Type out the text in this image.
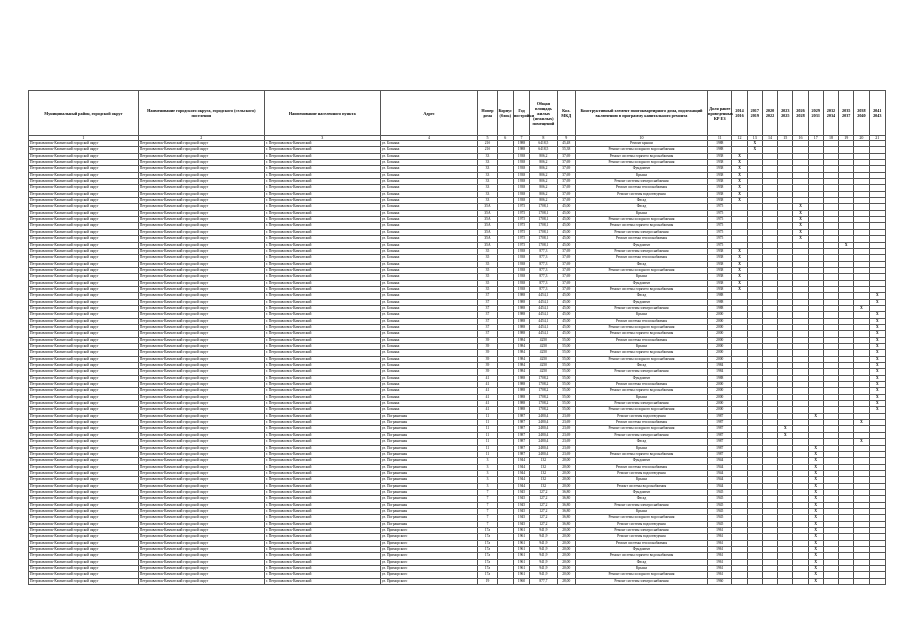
Муниципальный район, городской округ	Наименование городского округа, городского (сельского) поселения	Наименование населенного пункта	Адрес	Номер дома	Корпус (блок)	Год постройки	Общая площадь жилых (нежилых) помещений	Кол. МКД	Конструктивный элемент многоквартирного дома, подлежащий включению в программу капитального ремонта	Доля ранее проведенных КР ЕЗ	2014 2016	2017 2019	2020 2022	2023 2025	2026 2028	2029 2031	2032 2034	2035 2037	2038 2040	2041 2043
1	2	3	4	5	6	7	8	9	10	11	12	13	14	15	16	17	18	19	20	21
Петропавловск-Камчатский городской округ	Петропавловск-Камчатский городской округ	г. Петропавловск-Камчатский	ул. Бохняка	21б		1988	6418,5	45,48	Ремонт крыши	1988		X								
Петропавловск-Камчатский городской округ	Петропавловск-Камчатский городской округ	г. Петропавловск-Камчатский	ул. Бохняка	21б		1988	6418,5	55,38	Ремонт системы холодного водоснабжения	1988		X								
Петропавловск-Камчатский городской округ	Петропавловск-Камчатский городской округ	г. Петропавловск-Камчатский	ул. Бохняка	33		1938	806,2	37,69	Ремонт системы горячего водоснабжения	1938	X									
Петропавловск-Камчатский городской округ	Петропавловск-Камчатский городской округ	г. Петропавловск-Камчатский	ул. Бохняка	33		1938	806,2	37,69	Ремонт системы холодного водоснабжения	1938	X									
Петропавловск-Камчатский городской округ	Петропавловск-Камчатский городской округ	г. Петропавловск-Камчатский	ул. Бохняка	33		1938	806,2	37,69	Фундамент	1938	X									
Петропавловск-Камчатский городской округ	Петропавловск-Камчатский городской округ	г. Петропавловск-Камчатский	ул. Бохняка	33		1938	806,2	37,69	Крыша	1938	X									
Петропавловск-Камчатский городской округ	Петропавловск-Камчатский городской округ	г. Петропавловск-Камчатский	ул. Бохняка	33		1938	806,2	37,69	Ремонт системы электроснабжения	1938	X									
Петропавловск-Камчатский городской округ	Петропавловск-Камчатский городской округ	г. Петропавловск-Камчатский	ул. Бохняка	33		1938	806,2	37,69	Ремонт системы теплоснабжения	1938	X									
Петропавловск-Камчатский городской округ	Петропавловск-Камчатский городской округ	г. Петропавловск-Камчатский	ул. Бохняка	33		1938	806,2	37,69	Ремонт системы водоотведения	1938	X									
Петропавловск-Камчатский городской округ	Петропавловск-Камчатский городской округ	г. Петропавловск-Камчатский	ул. Бохняка	33		1938	806,2	37,69	Фасад	1938	X									
Петропавловск-Камчатский городской округ	Петропавловск-Камчатский городской округ	г. Петропавловск-Камчатский	ул. Бохняка	35А		1975	1708,1	45,00	Фасад	1975					X					
Петропавловск-Камчатский городской округ	Петропавловск-Камчатский городской округ	г. Петропавловск-Камчатский	ул. Бохняка	35А		1975	1708,1	45,00	Крыша	1975					X					
Петропавловск-Камчатский городской округ	Петропавловск-Камчатский городской округ	г. Петропавловск-Камчатский	ул. Бохняка	35А		1975	1708,1	45,00	Ремонт системы холодного водоснабжения	1975					X					
Петропавловск-Камчатский городской округ	Петропавловск-Камчатский городской округ	г. Петропавловск-Камчатский	ул. Бохняка	35А		1975	1708,1	45,00	Ремонт системы горячего водоснабжения	1975					X					
Петропавловск-Камчатский городской округ	Петропавловск-Камчатский городской округ	г. Петропавловск-Камчатский	ул. Бохняка	35А		1975	1708,1	45,00	Ремонт системы электроснабжения	1975					X					
Петропавловск-Камчатский городской округ	Петропавловск-Камчатский городской округ	г. Петропавловск-Камчатский	ул. Бохняка	35А		1975	1708,1	45,00	Ремонт системы теплоснабжения	1975					X					
Петропавловск-Камчатский городской округ	Петропавловск-Камчатский городской округ	г. Петропавловск-Камчатский	ул. Бохняка	35А		1975	1708,1	45,00	Фундамент	1975								X		
Петропавловск-Камчатский городской округ	Петропавловск-Камчатский городской округ	г. Петропавловск-Камчатский	ул. Бохняка	35		1938	877,3	37,69	Ремонт системы электроснабжения	1938	X									
Петропавловск-Камчатский городской округ	Петропавловск-Камчатский городской округ	г. Петропавловск-Камчатский	ул. Бохняка	35		1938	877,3	37,69	Ремонт системы теплоснабжения	1938	X									
Петропавловск-Камчатский городской округ	Петропавловск-Камчатский городской округ	г. Петропавловск-Камчатский	ул. Бохняка	35		1938	877,3	37,69	Фасад	1938	X									
Петропавловск-Камчатский городской округ	Петропавловск-Камчатский городской округ	г. Петропавловск-Камчатский	ул. Бохняка	35		1938	877,3	37,69	Ремонт системы холодного водоснабжения	1938	X									
Петропавловск-Камчатский городской округ	Петропавловск-Камчатский городской округ	г. Петропавловск-Камчатский	ул. Бохняка	35		1938	877,3	37,69	Крыша	1938	X									
Петропавловск-Камчатский городской округ	Петропавловск-Камчатский городской округ	г. Петропавловск-Камчатский	ул. Бохняка	35		1938	877,3	37,69	Фундамент	1938	X									
Петропавловск-Камчатский городской округ	Петропавловск-Камчатский городской округ	г. Петропавловск-Камчатский	ул. Бохняка	35		1938	877,3	37,69	Ремонт системы горячего водоснабжения	1938	X									
Петропавловск-Камчатский городской округ	Петропавловск-Камчатский городской округ	г. Петропавловск-Камчатский	ул. Бохняка	37		1988	4454,1	45,00	Фасад	1988										X
Петропавловск-Камчатский городской округ	Петропавловск-Камчатский городской округ	г. Петропавловск-Камчатский	ул. Бохняка	37		1988	4454,1	45,00	Фундамент	1988										X
Петропавловск-Камчатский городской округ	Петропавловск-Камчатский городской округ	г. Петропавловск-Камчатский	ул. Бохняка	37		1988	4454,1	45,00	Ремонт системы электроснабжения	1988									X	
Петропавловск-Камчатский городской округ	Петропавловск-Камчатский городской округ	г. Петропавловск-Камчатский	ул. Бохняка	37		1988	4454,1	45,00	Крыша	2000										X
Петропавловск-Камчатский городской округ	Петропавловск-Камчатский городской округ	г. Петропавловск-Камчатский	ул. Бохняка	37		1988	4454,1	45,00	Ремонт системы теплоснабжения	2000										X
Петропавловск-Камчатский городской округ	Петропавловск-Камчатский городской округ	г. Петропавловск-Камчатский	ул. Бохняка	37		1988	4454,1	45,00	Ремонт системы холодного водоснабжения	2000										X
Петропавловск-Камчатский городской округ	Петропавловск-Камчатский городской округ	г. Петропавловск-Камчатский	ул. Бохняка	37		1988	4454,1	45,00	Ремонт системы горячего водоснабжения	2000										X
Петропавловск-Камчатский городской округ	Петропавловск-Камчатский городской округ	г. Петропавловск-Камчатский	ул. Бохняка	39		1984	4250	55,00	Ремонт системы теплоснабжения	2000										X
Петропавловск-Камчатский городской округ	Петропавловск-Камчатский городской округ	г. Петропавловск-Камчатский	ул. Бохняка	39		1984	4250	55,00	Крыша	2000										X
Петропавловск-Камчатский городской округ	Петропавловск-Камчатский городской округ	г. Петропавловск-Камчатский	ул. Бохняка	39		1984	4250	55,00	Ремонт системы горячего водоснабжения	2000										X
Петропавловск-Камчатский городской округ	Петропавловск-Камчатский городской округ	г. Петропавловск-Камчатский	ул. Бохняка	39		1984	4250	55,00	Ремонт системы холодного водоснабжения	2000										X
Петропавловск-Камчатский городской округ	Петропавловск-Камчатский городской округ	г. Петропавловск-Камчатский	ул. Бохняка	39		1984	4250	55,00	Фасад	1984										X
Петропавловск-Камчатский городской округ	Петропавловск-Камчатский городской округ	г. Петропавловск-Камчатский	ул. Бохняка	39		1984	4250	55,00	Ремонт системы электроснабжения	1984										X
Петропавловск-Камчатский городской округ	Петропавловск-Камчатский городской округ	г. Петропавловск-Камчатский	ул. Бохняка	41		1988	1708,2	55,00	Фундамент	1988										X
Петропавловск-Камчатский городской округ	Петропавловск-Камчатский городской округ	г. Петропавловск-Камчатский	ул. Бохняка	41		1988	1708,2	55,00	Ремонт системы теплоснабжения	2000										X
Петропавловск-Камчатский городской округ	Петропавловск-Камчатский городской округ	г. Петропавловск-Камчатский	ул. Бохняка	41		1988	1708,2	55,00	Ремонт системы горячего водоснабжения	2000										X
Петропавловск-Камчатский городской округ	Петропавловск-Камчатский городской округ	г. Петропавловск-Камчатский	ул. Бохняка	41		1988	1708,2	55,00	Крыша	2000										X
Петропавловск-Камчатский городской округ	Петропавловск-Камчатский городской округ	г. Петропавловск-Камчатский	ул. Бохняка	41		1988	1708,2	55,00	Ремонт системы электроснабжения	2000										X
Петропавловск-Камчатский городской округ	Петропавловск-Камчатский городской округ	г. Петропавловск-Камчатский	ул. Бохняка	41		1988	1708,2	55,00	Ремонт системы холодного водоснабжения	2000										X
Петропавловск-Камчатский городской округ	Петропавловск-Камчатский городской округ	г. Петропавловск-Камчатский	ул. Пограничная	11		1987	2480,4	23,69	Ремонт системы водоотведения	1987						X				
Петропавловск-Камчатский городской округ	Петропавловск-Камчатский городской округ	г. Петропавловск-Камчатский	ул. Пограничная	11		1987	2480,4	23,69	Ремонт системы теплоснабжения	1987									X	
Петропавловск-Камчатский городской округ	Петропавловск-Камчатский городской округ	г. Петропавловск-Камчатский	ул. Пограничная	11		1987	2480,4	23,69	Ремонт системы холодного водоснабжения	1987				X						
Петропавловск-Камчатский городской округ	Петропавловск-Камчатский городской округ	г. Петропавловск-Камчатский	ул. Пограничная	11		1987	2480,4	23,69	Ремонт системы электроснабжения	1987				X						
Петропавловск-Камчатский городской округ	Петропавловск-Камчатский городской округ	г. Петропавловск-Камчатский	ул. Пограничная	11		1987	2480,4	23,69	Фасад	1987									X	
Петропавловск-Камчатский городской округ	Петропавловск-Камчатский городской округ	г. Петропавловск-Камчатский	ул. Пограничная	11		1987	2480,4	23,69	Крыша	1987						X				
Петропавловск-Камчатский городской округ	Петропавловск-Камчатский городской округ	г. Петропавловск-Камчатский	ул. Пограничная	11		1987	2480,4	23,69	Ремонт системы горячего водоснабжения	1987						X				
Петропавловск-Камчатский городской округ	Петропавловск-Камчатский городской округ	г. Петропавловск-Камчатский	ул. Пограничная	3		1944	132	20,00	Фундамент	1944						X				
Петропавловск-Камчатский городской округ	Петропавловск-Камчатский городской округ	г. Петропавловск-Камчатский	ул. Пограничная	3		1944	132	20,00	Ремонт системы теплоснабжения	1944						X				
Петропавловск-Камчатский городской округ	Петропавловск-Камчатский городской округ	г. Петропавловск-Камчатский	ул. Пограничная	3		1944	132	20,00	Ремонт системы водоотведения	1944						X				
Петропавловск-Камчатский городской округ	Петропавловск-Камчатский городской округ	г. Петропавловск-Камчатский	ул. Пограничная	3		1944	132	20,00	Крыша	1944						X				
Петропавловск-Камчатский городской округ	Петропавловск-Камчатский городской округ	г. Петропавловск-Камчатский	ул. Пограничная	3		1944	132	20,00	Ремонт системы водоснабжения	1944						X				
Петропавловск-Камчатский городской округ	Петропавловск-Камчатский городской округ	г. Петропавловск-Камчатский	ул. Пограничная	7		1945	127,2	36,80	Фундамент	1945						X				
Петропавловск-Камчатский городской округ	Петропавловск-Камчатский городской округ	г. Петропавловск-Камчатский	ул. Пограничная	7		1945	127,2	36,80	Фасад	1945						X				
Петропавловск-Камчатский городской округ	Петропавловск-Камчатский городской округ	г. Петропавловск-Камчатский	ул. Пограничная	7		1945	127,2	36,80	Ремонт системы электроснабжения	1945						X				
Петропавловск-Камчатский городской округ	Петропавловск-Камчатский городской округ	г. Петропавловск-Камчатский	ул. Пограничная	7		1945	127,2	36,80	Крыша	1945						X				
Петропавловск-Камчатский городской округ	Петропавловск-Камчатский городской округ	г. Петропавловск-Камчатский	ул. Пограничная	7		1945	127,2	36,80	Ремонт системы холодного водоснабжения	1945						X				
Петропавловск-Камчатский городской округ	Петропавловск-Камчатский городской округ	г. Петропавловск-Камчатский	ул. Пограничная	7		1945	127,2	36,80	Ремонт системы водоотведения	1945						X				
Петропавловск-Камчатский городской округ	Петропавловск-Камчатский городской округ	г. Петропавловск-Камчатский	ул. Приморского	17а		1961	941,9	20,00	Ремонт системы электроснабжения	1961						X				
Петропавловск-Камчатский городской округ	Петропавловск-Камчатский городской округ	г. Петропавловск-Камчатский	ул. Приморского	17а		1961	941,9	20,00	Ремонт системы водоотведения	1961						X				
Петропавловск-Камчатский городской округ	Петропавловск-Камчатский городской округ	г. Петропавловск-Камчатский	ул. Приморского	17а		1961	941,9	20,00	Ремонт системы теплоснабжения	1961						X				
Петропавловск-Камчатский городской округ	Петропавловск-Камчатский городской округ	г. Петропавловск-Камчатский	ул. Приморского	17а		1961	941,9	20,00	Фундамент	1961						X				
Петропавловск-Камчатский городской округ	Петропавловск-Камчатский городской округ	г. Петропавловск-Камчатский	ул. Приморского	17а		1961	941,9	20,00	Ремонт системы горячего водоснабжения	1961						X				
Петропавловск-Камчатский городской округ	Петропавловск-Камчатский городской округ	г. Петропавловск-Камчатский	ул. Приморского	17а		1961	941,9	20,00	Фасад	1961						X				
Петропавловск-Камчатский городской округ	Петропавловск-Камчатский городской округ	г. Петропавловск-Камчатский	ул. Приморского	17а		1961	941,9	20,00	Крыша	1961						X				
Петропавловск-Камчатский городской округ	Петропавловск-Камчатский городской округ	г. Петропавловск-Камчатский	ул. Приморского	17а		1961	941,9	20,00	Ремонт системы холодного водоснабжения	1961						X				
Петропавловск-Камчатский городской округ	Петропавловск-Камчатский городской округ	г. Петропавловск-Камчатский	ул. Приморского	19		1960	877,7	28,00	Ремонт системы электроснабжения	1960						X				
